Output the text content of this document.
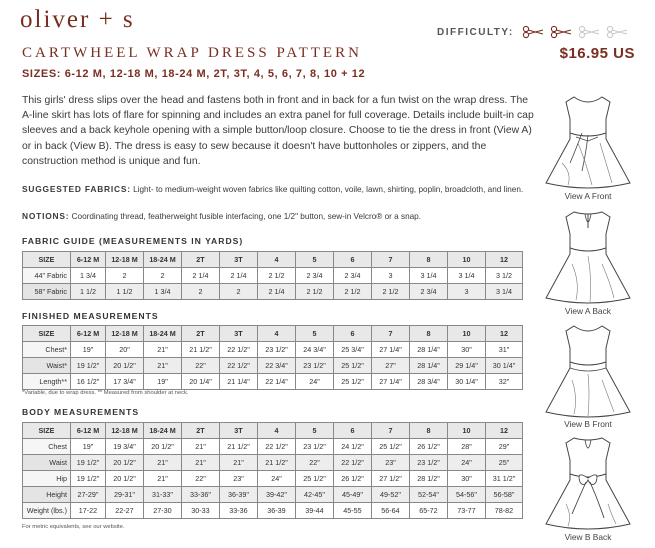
oliver + s
CARTWHEEL WRAP DRESS PATTERN
SIZES: 6-12 M, 12-18 M, 18-24 M, 2T, 3T, 4, 5, 6, 7, 8, 10 + 12
DIFFICULTY:
$16.95 US

This girls' dress slips over the head and fastens both in front and in back for a fun twist on the wrap dress. The A-line skirt has lots of flare for spinning and includes an extra panel for full coverage. Details include built-in cap sleeves and a back keyhole opening with a simple button/loop closure. Choose to tie the dress in front (View A) or in back (View B). The dress is easy to sew because it doesn't have buttonholes or zippers, and the construction method is unique and fun.

SUGGESTED FABRICS: Light- to medium-weight woven fabrics like quilting cotton, voile, lawn, shirting, poplin, broadcloth, and linen.

NOTIONS: Coordinating thread, featherweight fusible interfacing, one 1/2" button, sew-in Velcro® or a snap.

FABRIC GUIDE (MEASUREMENTS IN YARDS)
SIZE	6-12 M	12-18 M	18-24 M	2T	3T	4	5	6	7	8	10	12
44" Fabric	1 3/4	2	2	2 1/4	2 1/4	2 1/2	2 3/4	2 3/4	3	3 1/4	3 1/4	3 1/2
58" Fabric	1 1/2	1 1/2	1 3/4	2	2	2 1/4	2 1/2	2 1/2	2 1/2	2 3/4	3	3 1/4
FINISHED MEASUREMENTS
SIZE	6-12 M	12-18 M	18-24 M	2T	3T	4	5	6	7	8	10	12
Chest*	19"	20"	21"	21 1/2"	22 1/2"	23 1/2"	24 3/4"	25 3/4"	27 1/4"	28 1/4"	30"	31"
Waist*	19 1/2"	20 1/2"	21"	22"	22 1/2"	22 3/4"	23 1/2"	25 1/2"	27"	28 1/4"	29 1/4"	30 1/4"
Length**	16 1/2"	17 3/4"	19"	20 1/4"	21 1/4"	22 1/4"	24"	25 1/2"	27 1/4"	28 3/4"	30 1/4"	32"
*Variable, due to wrap dress. ** Measured from shoulder at neck.
BODY MEASUREMENTS
SIZE	6-12 M	12-18 M	18-24 M	2T	3T	4	5	6	7	8	10	12
Chest	19"	19 3/4"	20 1/2"	21"	21 1/2"	22 1/2"	23 1/2"	24 1/2"	25 1/2"	26 1/2"	28"	29"
Waist	19 1/2"	20 1/2"	21"	21"	21"	21 1/2"	22"	22 1/2"	23"	23 1/2"	24"	25"
Hip	19 1/2"	20 1/2"	21"	22"	23"	24"	25 1/2"	26 1/2"	27 1/2"	28 1/2"	30"	31 1/2"
Height	27-29"	29-31"	31-33"	33-36"	36-39"	39-42"	42-45"	45-49"	49-52"	52-54"	54-56"	56-58"
Weight (lbs.)	17-22	22-27	27-30	30-33	33-36	36-39	39-44	45-55	56-64	65-72	73-77	78-82
For metric equivalents, see our website.
View A Front
View A Back
View B Front
View B Back
